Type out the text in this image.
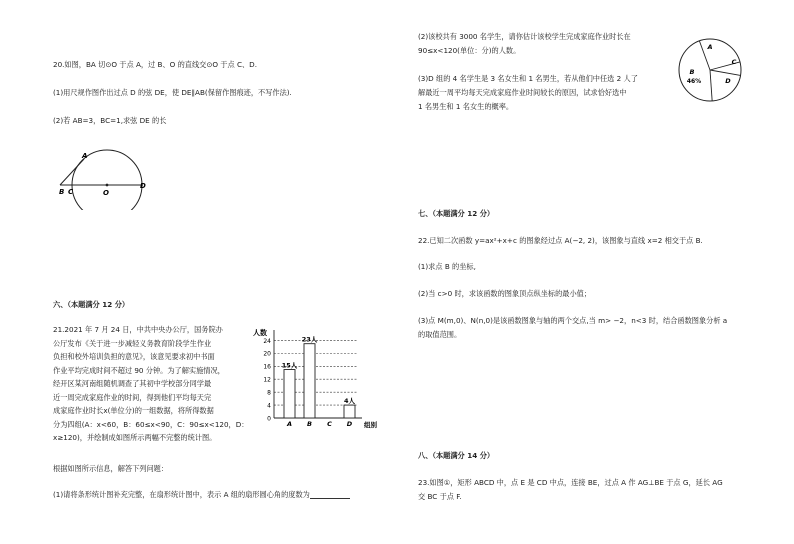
20.如图，BA 切⊙O 于点 A，过 B、O 的直线交⊙O 于点 C、D.
(1)用尺规作图作出过点 D 的弦 DE，使 DE∥AB(保留作图痕迹，不写作法).
(2)若 AB=3，BC=1,求弦 DE 的长
A
B C	O
D
六、（本题满分 12 分）
21.2021 年 7 月 24 日，中共中央办公厅，国务院办
公厅发布《关于进一步减轻义务教育阶段学生作业
负担和校外培训负担的意见》，该意见要求初中书面
作业平均完成时间不超过 90 分钟。为了解实施情况，
经开区某河南组随机调查了其初中学校部分同学最
近一周完成家庭作业的时间，得到他们平均每天完
成家庭作业时长x(单位分)的一组数据，将所得数据
分为四组(A：x<60，B：60≤x<90，C：90≤x<120，D：
x≥120)，并绘制成如图所示两幅不完整的统计图。
人数
4
8
12
16
20
24
0
15人
A
23人
B C
4人
D 组别
根据如图所示信息，解答下列问题：
(1)请将条形统计图补充完整，在扇形统计图中，表示 A 组的扇形圆心角的度数为
(2)该校共有 3000 名学生，请你估计该校学生完成家庭作业时长在
90≤x<120(单位：分)的人数。
(3)D 组的 4 名学生是 3 名女生和 1 名男生，若从他们中任选 2 人了
解最近一周平均每天完成家庭作业时间较长的原因，试求恰好选中
1 名男生和 1 名女生的概率。
A
B
46%
C
D
七、（本题满分 12 分）
22.已知二次函数 y=ax²+x+c 的图象经过点 A(−2, 2)，该图象与直线 x=2 相交于点 B.
(1)求点 B 的坐标,
(2)当 c>0 时，求该函数的图象顶点纵坐标的最小值；
(3)点 M(m,0)、N(n,0)是该函数图象与轴的两个交点,当 m> −2，n<3 时，结合函数图象分析 a
的取值范围。
八、（本题满分 14 分）
23.如图①，矩形 ABCD 中，点 E 是 CD 中点，连接 BE，过点 A 作 AG⊥BE 于点 G，延长 AG
交 BC 于点 F.
